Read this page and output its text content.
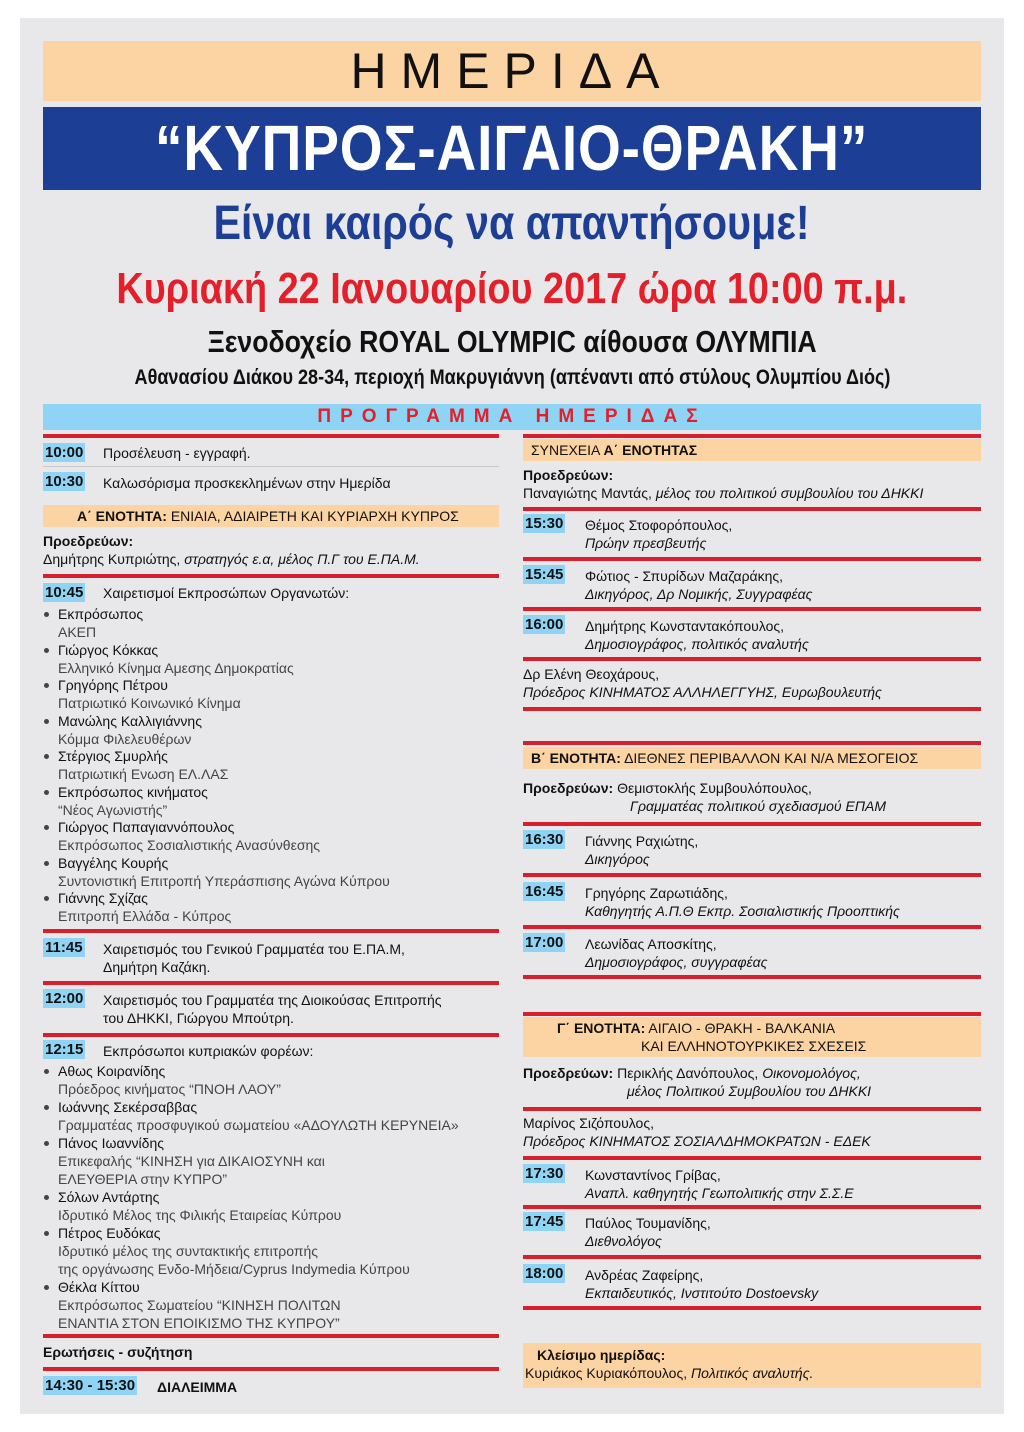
ΗΜΕΡΙΔΑ
“ΚΥΠΡΟΣ-ΑΙΓΑΙΟ-ΘΡΑΚΗ”
Είναι καιρός να απαντήσουμε!
Κυριακή 22 Ιανουαρίου 2017 ώρα 10:00 π.μ.
Ξενοδοχείο ROYAL OLYMPIC αίθουσα ΟΛΥΜΠΙΑ
Αθανασίου Διάκου 28-34, περιοχή Μακρυγιάννη (απέναντι από στύλους Ολυμπίου Διός)
ΠΡΟΓΡΑΜΜΑ ΗΜΕΡΙΔΑΣ
10:00 Προσέλευση - εγγραφή.
10:30 Καλωσόρισμα προσκεκλημένων στην Ημερίδα
Α΄ ΕΝΟΤΗΤΑ: ΕΝΙΑΙΑ, ΑΔΙΑΙΡΕΤΗ ΚΑΙ ΚΥΡΙΑΡΧΗ ΚΥΠΡΟΣ
Προεδρεύων:
Δημήτρης Κυπριώτης, στρατηγός ε.α, μέλος Π.Γ του Ε.ΠΑ.Μ.
10:45 Χαιρετισμοί Εκπροσώπων Οργανωτών:
Εκπρόσωπος
ΑΚΕΠ
Γιώργος Κόκκας
Ελληνικό Κίνημα Αμεσης Δημοκρατίας
Γρηγόρης Πέτρου
Πατριωτικό Κοινωνικό Κίνημα
Μανώλης Καλλιγιάννης
Κόμμα Φιλελευθέρων
Στέργιος Σμυρλής
Πατριωτική Ενωση ΕΛ.ΛΑΣ
Εκπρόσωπος κινήματος
“Νέος Αγωνιστής”
Γιώργος Παπαγιαννόπουλος
Εκπρόσωπος Σοσιαλιστικής Ανασύνθεσης
Βαγγέλης Κουρής
Συντονιστική Επιτροπή Υπεράσπισης Αγώνα Κύπρου
Γιάννης Σχίζας
Επιτροπή Ελλάδα - Κύπρος
11:45 Χαιρετισμός του Γενικού Γραμματέα του Ε.ΠΑ.Μ,
Δημήτρη Καζάκη.
12:00 Χαιρετισμός του Γραμματέα της Διοικούσας Επιτροπής
του ΔΗΚΚΙ, Γιώργου Μπούτρη.
12:15 Εκπρόσωποι κυπριακών φορέων:
Αθως Κοιρανίδης
Πρόεδρος κινήματος “ΠΝΟΗ ΛΑΟΥ”
Ιωάννης Σεκέρσαββας
Γραμματέας προσφυγικού σωματείου «ΑΔΟΥΛΩΤΗ ΚΕΡΥΝΕΙΑ»
Πάνος Ιωαννίδης
Επικεφαλής “ΚΙΝΗΣΗ για ΔΙΚΑΙΟΣΥΝΗ και
ΕΛΕΥΘΕΡΙΑ στην ΚΥΠΡΟ”
Σόλων Αντάρτης
Ιδρυτικό Μέλος της Φιλικής Εταιρείας Κύπρου
Πέτρος Ευδόκας
Ιδρυτικό μέλος της συντακτικής επιτροπής
της οργάνωσης Ενδο-Μήδεια/Cyprus Indymedia Κύπρου
Θέκλα Κίττου
Εκπρόσωπος Σωματείου “ΚΙΝΗΣΗ ΠΟΛΙΤΩΝ
ΕΝΑΝΤΙΑ ΣΤΟΝ ΕΠΟΙΚΙΣΜΟ ΤΗΣ ΚΥΠΡΟΥ”
Ερωτήσεις - συζήτηση
14:30 - 15:30 ΔΙΑΛΕΙΜΜΑ
ΣΥΝΕΧΕΙΑ Α΄ ΕΝΟΤΗΤΑΣ
Προεδρεύων:
Παναγιώτης Μαντάς, μέλος του πολιτικού συμβουλίου του ΔΗΚΚΙ
15:30 Θέμος Στοφορόπουλος,
Πρώην πρεσβευτής
15:45 Φώτιος - Σπυρίδων Μαζαράκης,
Δικηγόρος, Δρ Νομικής, Συγγραφέας
16:00 Δημήτρης Κωνσταντακόπουλος,
Δημοσιογράφος, πολιτικός αναλυτής
Δρ Ελένη Θεοχάρους,
Πρόεδρος ΚΙΝΗΜΑΤΟΣ ΑΛΛΗΛΕΓΓΥΗΣ, Ευρωβουλευτής
Β΄ ΕΝΟΤΗΤΑ: ΔΙΕΘΝΕΣ ΠΕΡΙΒΑΛΛΟΝ ΚΑΙ Ν/Α ΜΕΣΟΓΕΙΟΣ
Προεδρεύων: Θεμιστοκλής Συμβουλόπουλος,
Γραμματέας πολιτικού σχεδιασμού ΕΠΑΜ
16:30 Γιάννης Ραχιώτης,
Δικηγόρος
16:45 Γρηγόρης Ζαρωτιάδης,
Καθηγητής Α.Π.Θ Εκπρ. Σοσιαλιστικής Προοπτικής
17:00 Λεωνίδας Αποσκίτης,
Δημοσιογράφος, συγγραφέας
Γ΄ ΕΝΟΤΗΤΑ: ΑΙΓΑΙΟ - ΘΡΑΚΗ - ΒΑΛΚΑΝΙΑ
ΚΑΙ ΕΛΛΗΝΟΤΟΥΡΚΙΚΕΣ ΣΧΕΣΕΙΣ
Προεδρεύων: Περικλής Δανόπουλος, Οικονομολόγος,
μέλος Πολιτικού Συμβουλίου του ΔΗΚΚΙ
Μαρίνος Σιζόπουλος,
Πρόεδρος ΚΙΝΗΜΑΤΟΣ ΣΟΣΙΑΛΔΗΜΟΚΡΑΤΩΝ - ΕΔΕΚ
17:30 Κωνσταντίνος Γρίβας,
Αναπλ. καθηγητής Γεωπολιτικής στην Σ.Σ.Ε
17:45 Παύλος Τουμανίδης,
Διεθνολόγος
18:00 Ανδρέας Ζαφείρης,
Εκπαιδευτικός, Ινστιτούτο Dostoevsky
Κλείσιμο ημερίδας:
Κυριάκος Κυριακόπουλος, Πολιτικός αναλυτής.
